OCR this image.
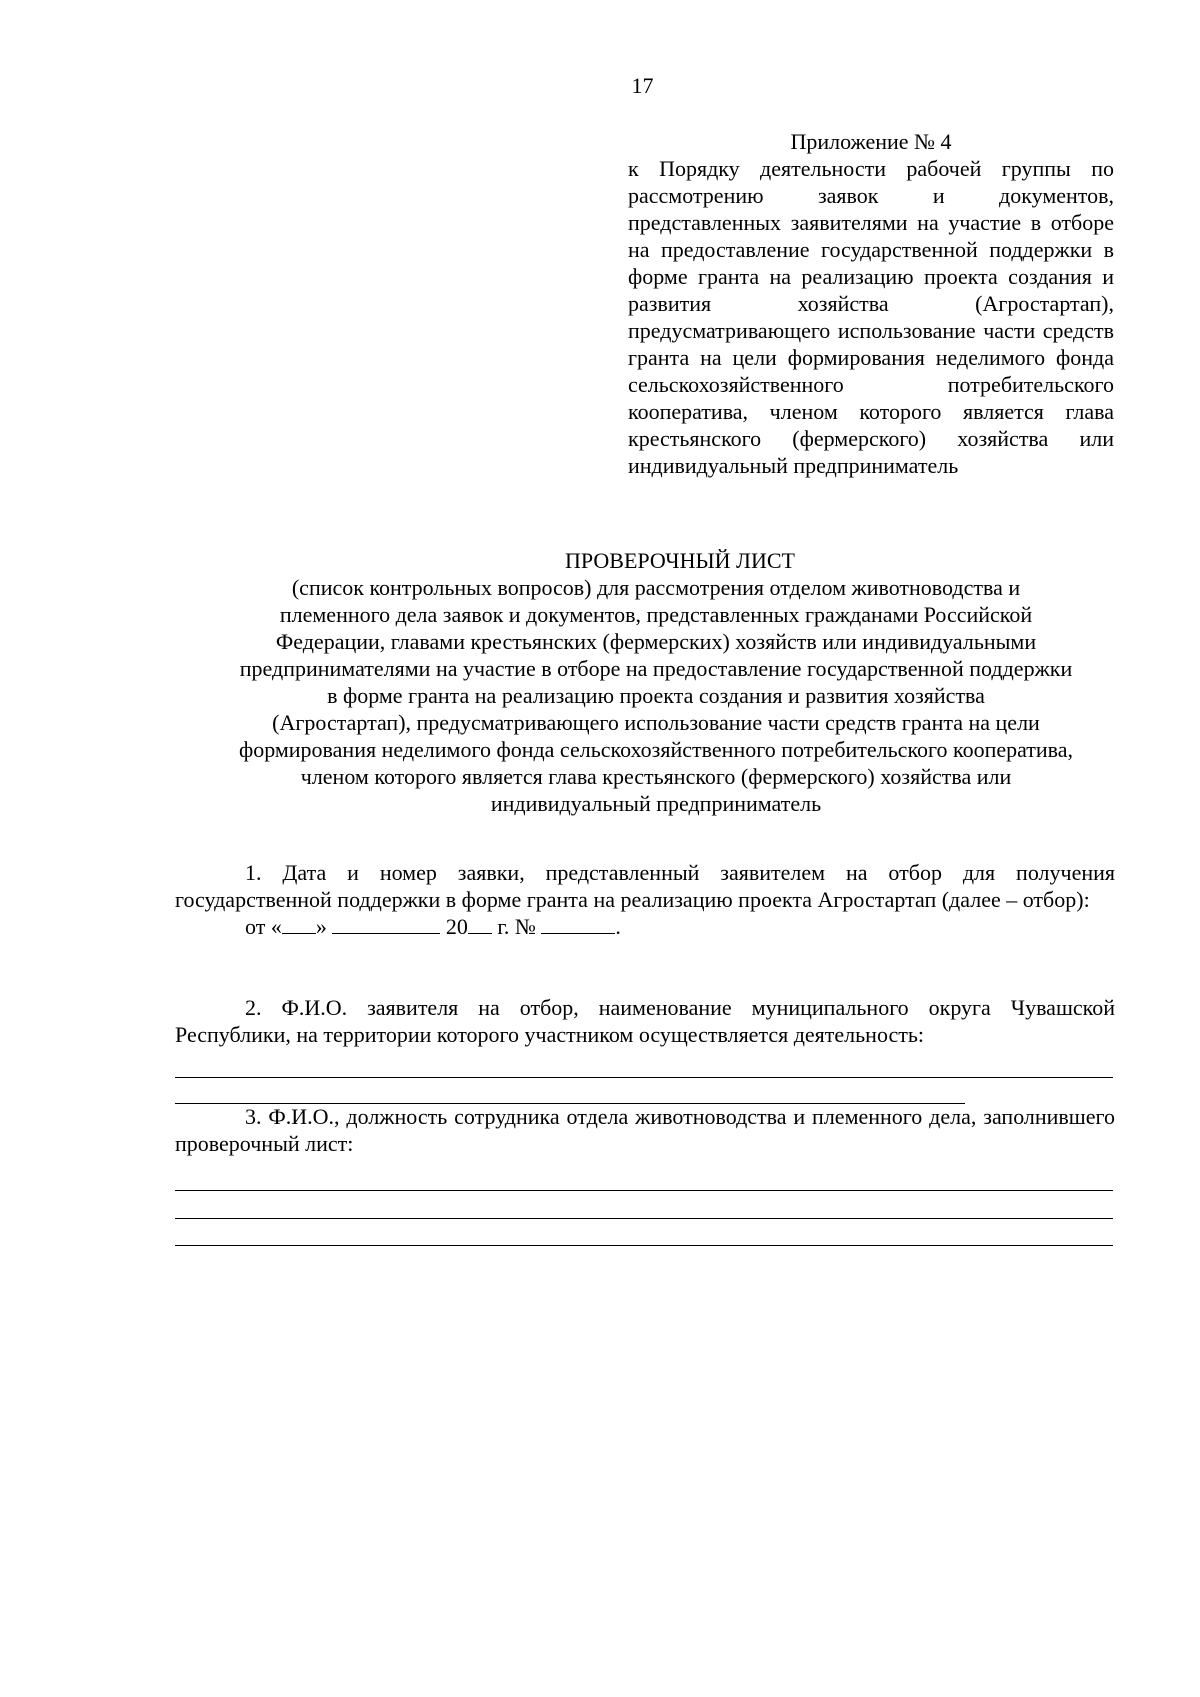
17
Приложение № 4
к Порядку деятельности рабочей группы по рассмотрению заявок и документов, представленных заявителями на участие в отборе на предоставление государственной поддержки в форме гранта на реализацию проекта создания и развития хозяйства (Агростартап), предусматривающего использование части средств гранта на цели формирования неделимого фонда сельскохозяйственного потребительского кооператива, членом которого является глава крестьянского (фермерского) хозяйства или индивидуальный предприниматель
ПРОВЕРОЧНЫЙ ЛИСТ
(список контрольных вопросов) для рассмотрения отделом животноводства и
племенного дела заявок и документов, представленных гражданами Российской
Федерации, главами крестьянских (фермерских) хозяйств или индивидуальными
предпринимателями на участие в отборе на предоставление государственной поддержки
в форме гранта на реализацию проекта создания и развития хозяйства
(Агростартап), предусматривающего использование части средств гранта на цели
формирования неделимого фонда сельскохозяйственного потребительского кооператива,
членом которого является глава крестьянского (фермерского) хозяйства или
индивидуальный предприниматель
1. Дата и номер заявки, представленный заявителем на отбор для получения государственной поддержки в форме гранта на реализацию проекта Агростартап (далее – отбор):
от « »	20 г. №	.
2. Ф.И.О. заявителя на отбор, наименование муниципального округа Чувашской Республики, на территории которого участником осуществляется деятельность:
3. Ф.И.О., должность сотрудника отдела животноводства и племенного дела, заполнившего проверочный лист:
